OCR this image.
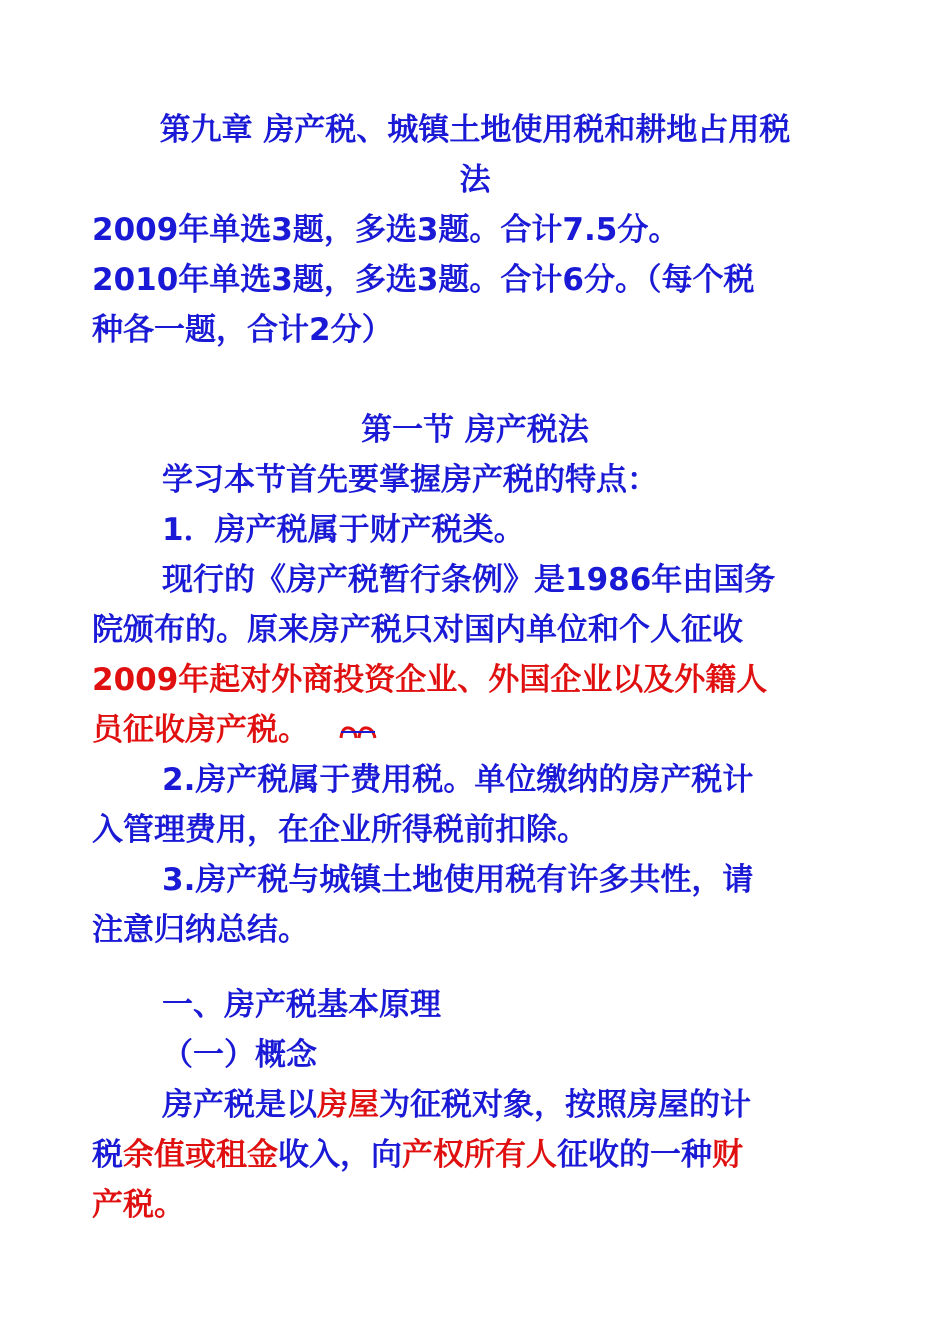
第九章 房产税、城镇土地使用税和耕地占用税
法
2009年单选3题，多选3题。合计7.5分。
2010年单选3题，多选3题。合计6分。（每个税
种各一题，合计2分）
第一节 房产税法
学习本节首先要掌握房产税的特点：
1．房产税属于财产税类。
现行的《房产税暂行条例》是1986年由国务
院颁布的。原来房产税只对国内单位和个人征收
2009年起对外商投资企业、外国企业以及外籍人
员征收房产税。
2.房产税属于费用税。单位缴纳的房产税计
入管理费用，在企业所得税前扣除。
3.房产税与城镇土地使用税有许多共性，请
注意归纳总结。
一、房产税基本原理
（一）概念
房产税是以房屋为征税对象，按照房屋的计
税余值或租金收入，向产权所有人征收的一种财
产税。
